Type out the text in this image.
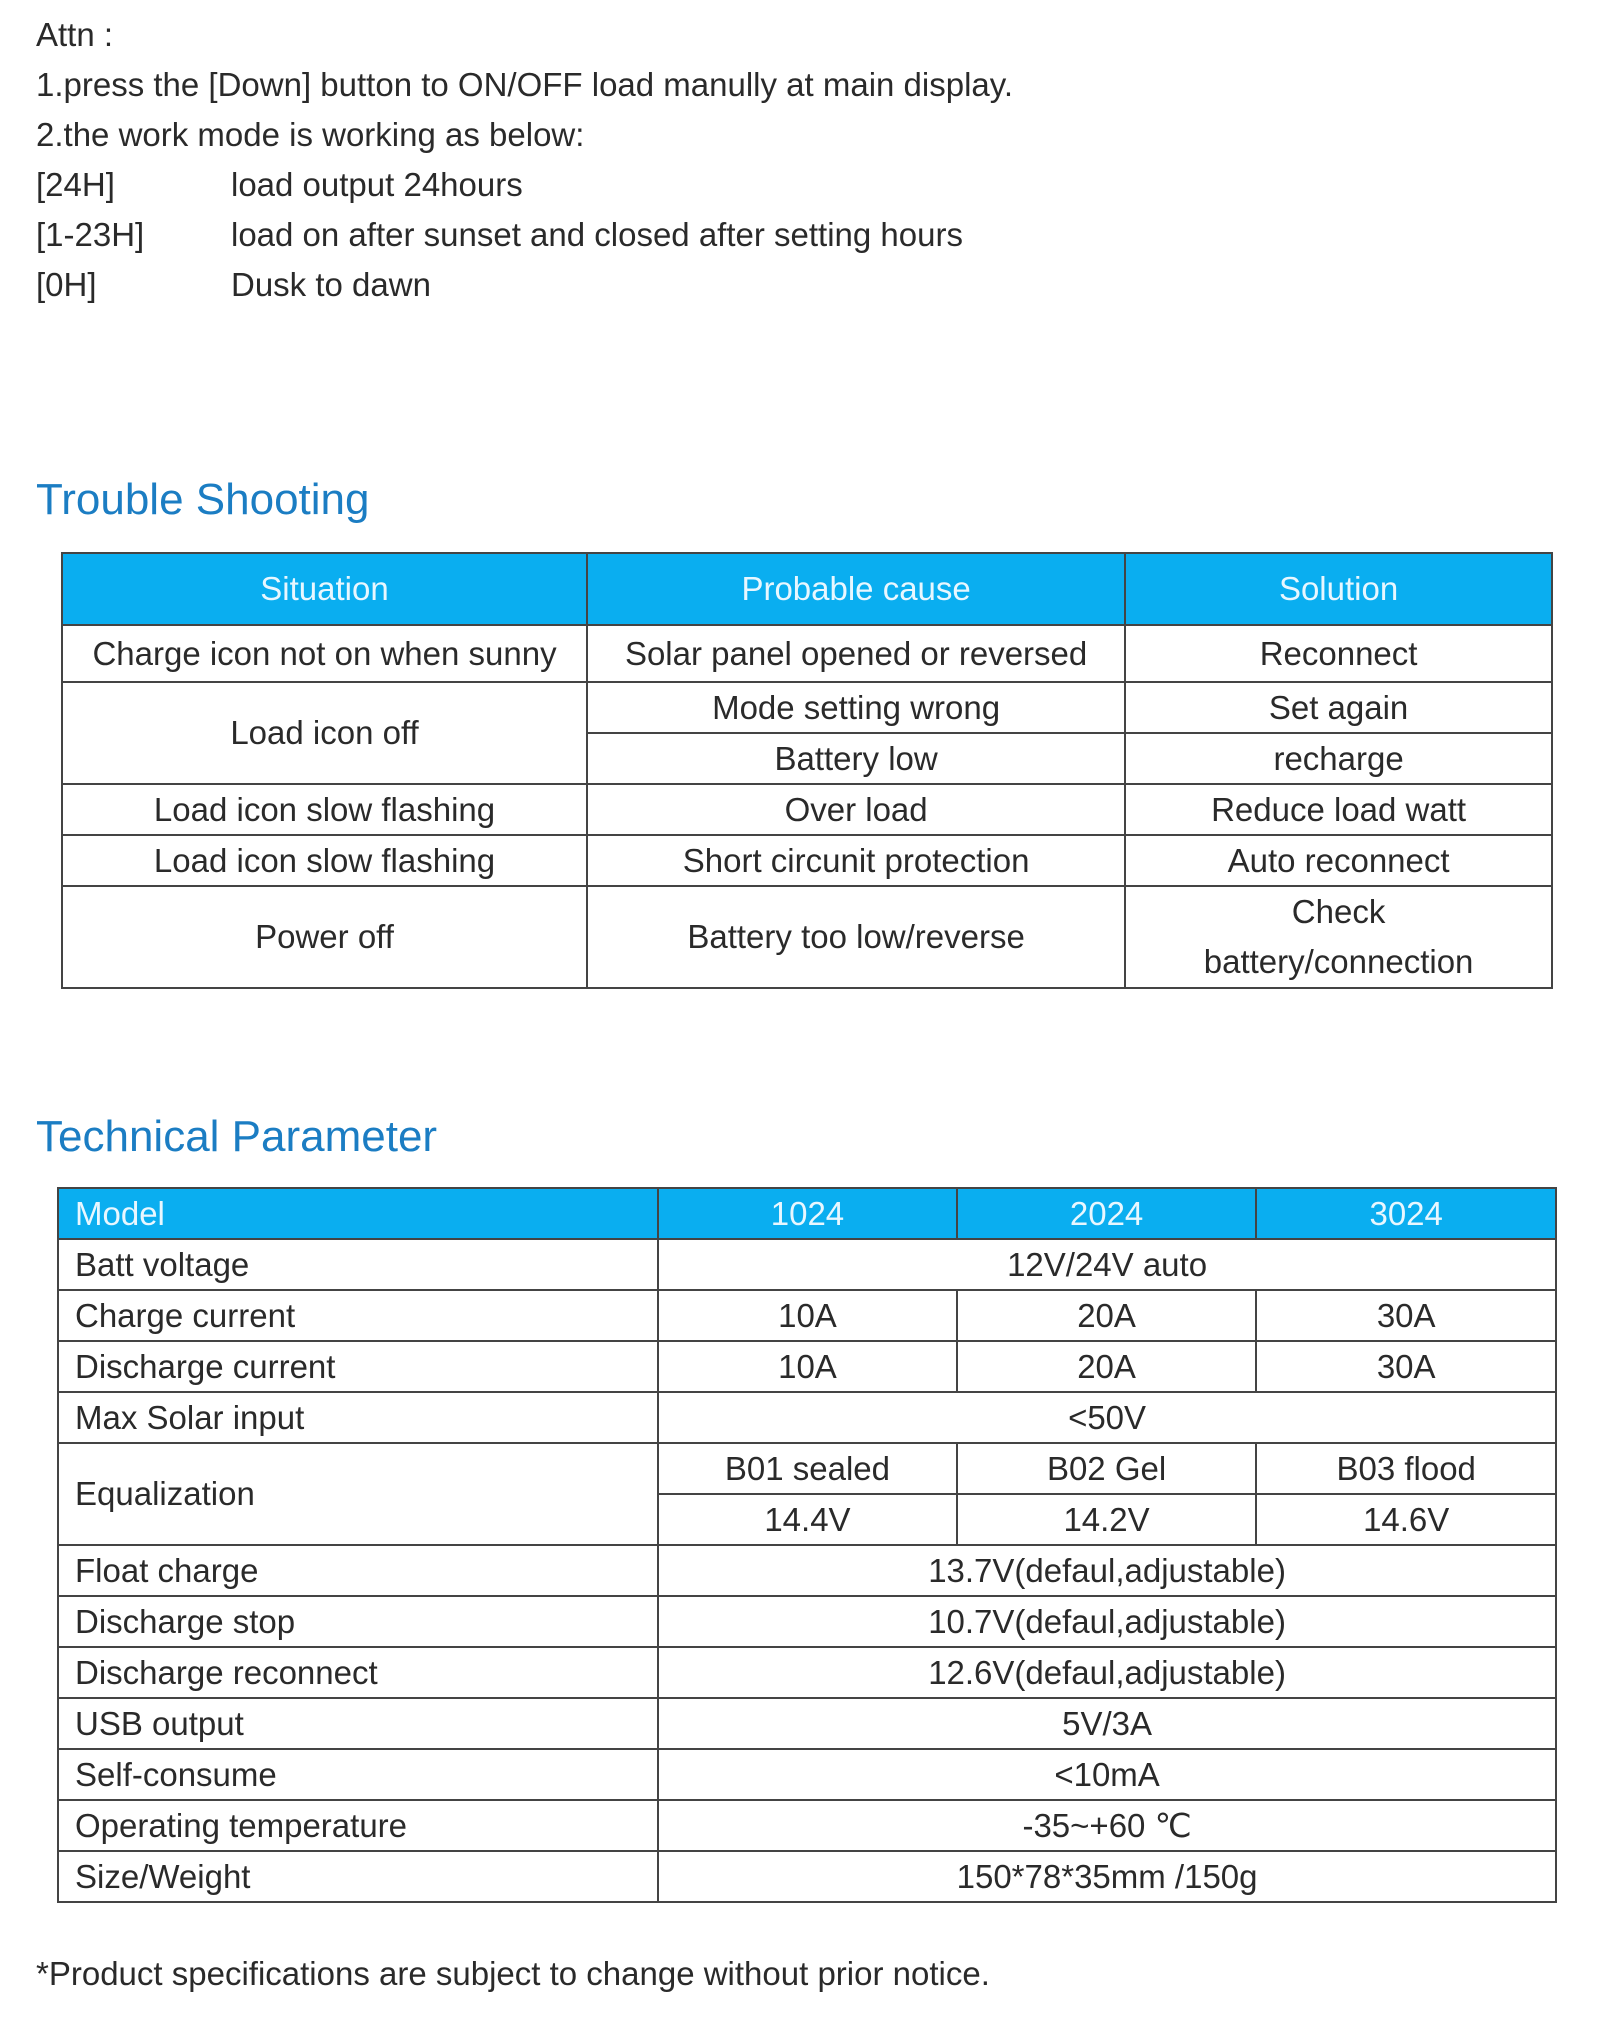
Attn :
1.press the [Down] button to ON/OFF load manully at main display.
2.the work mode is working as below:
[24H]	load output 24hours
[1-23H]	load on after sunset and closed after setting hours
[0H]	Dusk to dawn
Trouble Shooting
Situation	Probable cause	Solution
Charge icon not on when sunny	Solar panel opened or reversed	Reconnect
Load icon off	Mode setting wrong	Set again
	Battery low	recharge
Load icon slow flashing	Over load	Reduce load watt
Load icon slow flashing	Short circunit protection	Auto reconnect
Power off	Battery too low/reverse	Check battery/connection
Technical Parameter
Model	1024	2024	3024
Batt voltage	12V/24V auto		
Charge current	10A	20A	30A
Discharge current	10A	20A	30A
Max Solar input	<50V		
Equalization	B01 sealed	B02 Gel	B03 flood
	14.4V	14.2V	14.6V
Float charge	13.7V(defaul,adjustable)		
Discharge stop	10.7V(defaul,adjustable)		
Discharge reconnect	12.6V(defaul,adjustable)		
USB output	5V/3A		
Self-consume	<10mA		
Operating temperature	-35~+60 ℃		
Size/Weight	150*78*35mm /150g		
*Product specifications are subject to change without prior notice.
